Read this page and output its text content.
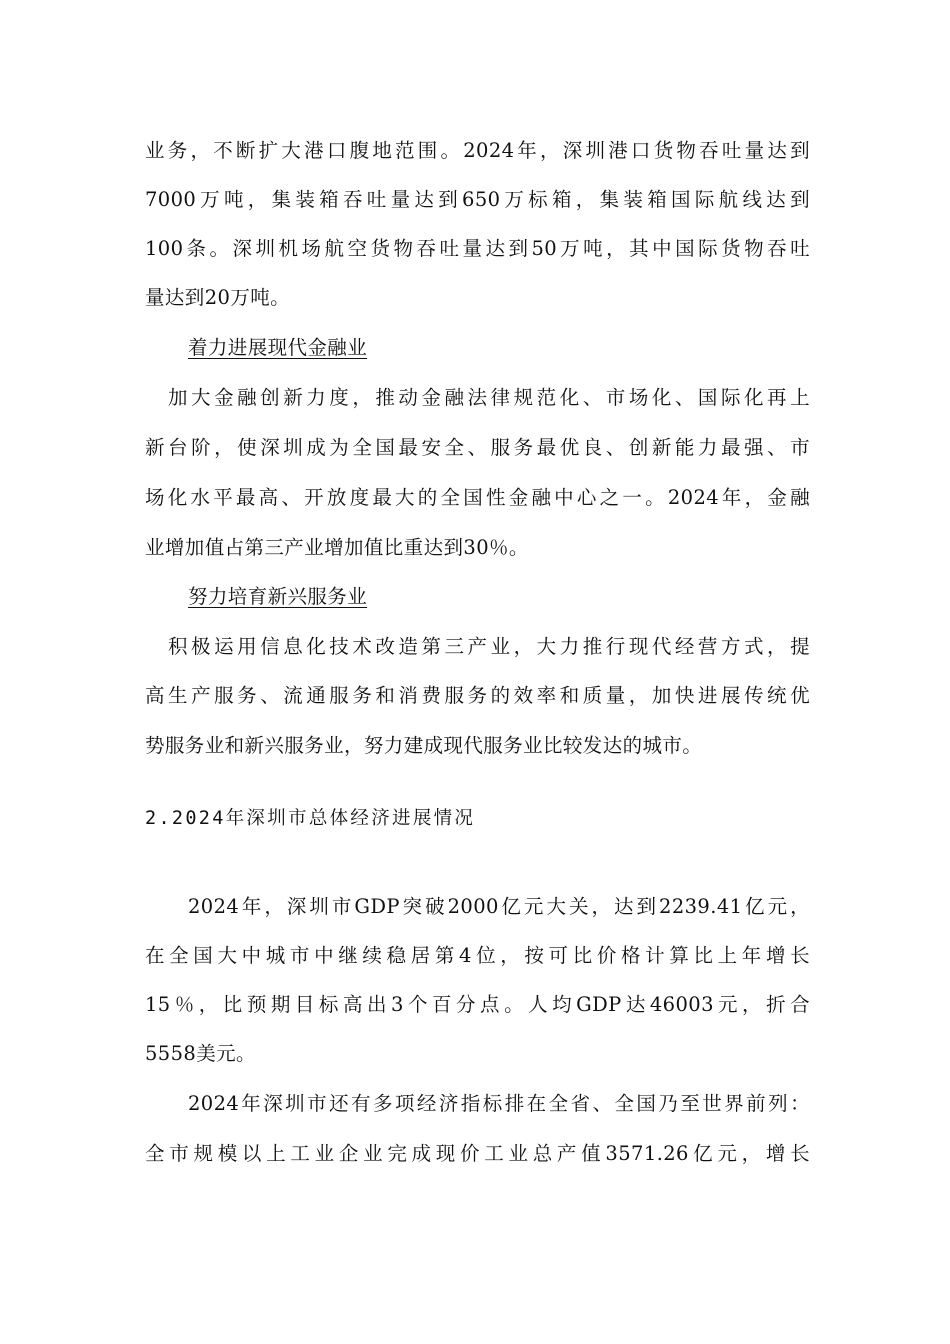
业务，不断扩大港口腹地范围。2024年，深圳港口货物吞吐量达到
7000万吨，集装箱吞吐量达到650万标箱，集装箱国际航线达到
100条。深圳机场航空货物吞吐量达到50万吨，其中国际货物吞吐
量达到20万吨。
着力进展现代金融业
加大金融创新力度，推动金融法律规范化、市场化、国际化再上
新台阶，使深圳成为全国最安全、服务最优良、创新能力最强、市
场化水平最高、开放度最大的全国性金融中心之一。2024年，金融
业增加值占第三产业增加值比重达到30％。
努力培育新兴服务业
积极运用信息化技术改造第三产业，大力推行现代经营方式，提
高生产服务、流通服务和消费服务的效率和质量，加快进展传统优
势服务业和新兴服务业，努力建成现代服务业比较发达的城市。
2.2024年深圳市总体经济进展情况
2024年，深圳市GDP突破2000亿元大关，达到2239.41亿元，
在全国大中城市中继续稳居第4位，按可比价格计算比上年增长
15％，比预期目标高出3个百分点。人均GDP达46003元，折合
5558美元。
2024年深圳市还有多项经济指标排在全省、全国乃至世界前列：
全市规模以上工业企业完成现价工业总产值3571.26亿元，增长
